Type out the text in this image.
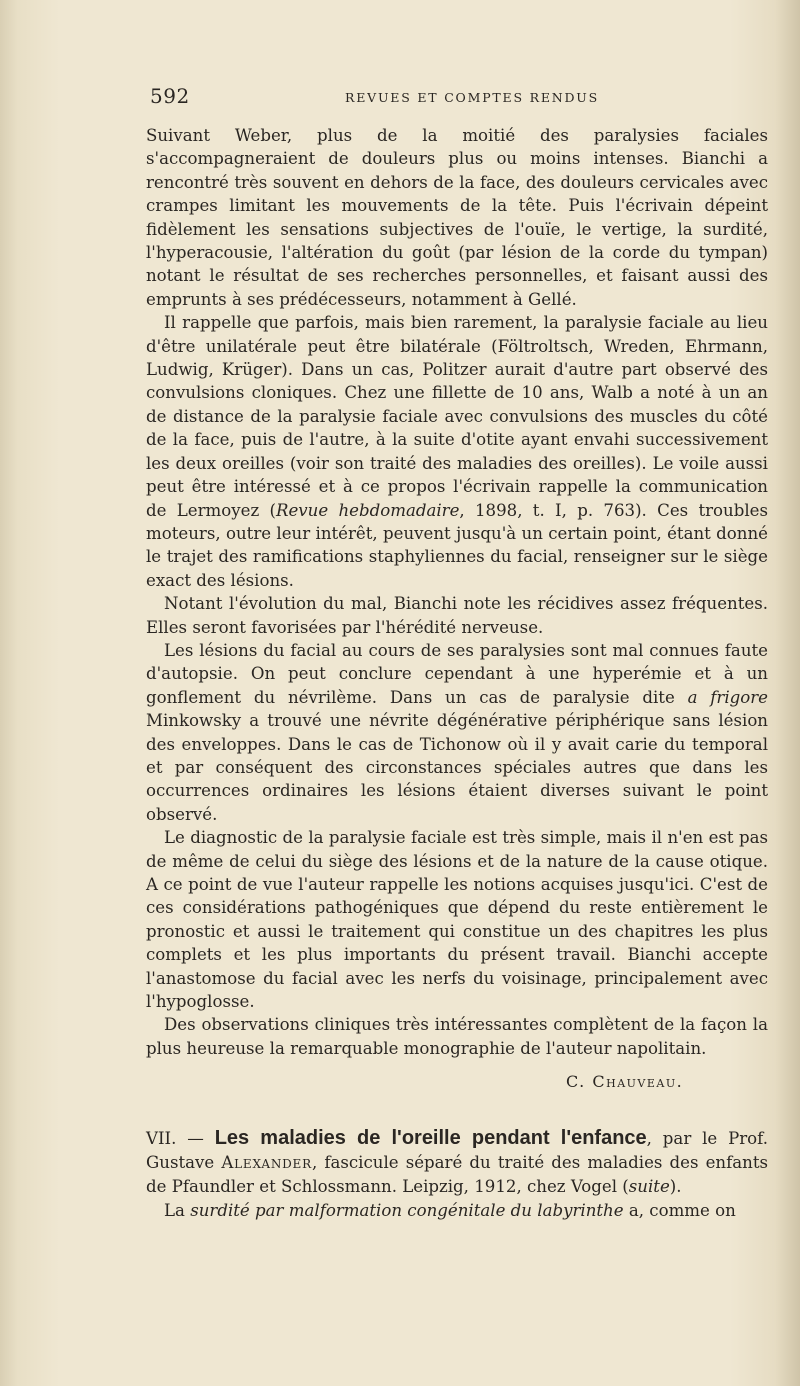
592	REVUES ET COMPTES RENDUS

Suivant Weber, plus de la moitié des paralysies faciales s'accompagneraient de douleurs plus ou moins intenses. Bianchi a rencontré très souvent en dehors de la face, des douleurs cervicales avec crampes limitant les mouvements de la tête. Puis l'écrivain dépeint fidèlement les sensations subjectives de l'ouïe, le vertige, la surdité, l'hyperacousie, l'altération du goût (par lésion de la corde du tympan) notant le résultat de ses recherches personnelles, et faisant aussi des emprunts à ses prédécesseurs, notamment à Gellé.

Il rappelle que parfois, mais bien rarement, la paralysie faciale au lieu d'être unilatérale peut être bilatérale (Föltroltsch, Wreden, Ehrmann, Ludwig, Krüger). Dans un cas, Politzer aurait d'autre part observé des convulsions cloniques. Chez une fillette de 10 ans, Walb a noté à un an de distance de la paralysie faciale avec convulsions des muscles du côté de la face, puis de l'autre, à la suite d'otite ayant envahi successivement les deux oreilles (voir son traité des maladies des oreilles). Le voile aussi peut être intéressé et à ce propos l'écrivain rappelle la communication de Lermoyez (Revue hebdomadaire, 1898, t. I, p. 763). Ces troubles moteurs, outre leur intérêt, peuvent jusqu'à un certain point, étant donné le trajet des ramifications staphyliennes du facial, renseigner sur le siège exact des lésions.

Notant l'évolution du mal, Bianchi note les récidives assez fréquentes. Elles seront favorisées par l'hérédité nerveuse.

Les lésions du facial au cours de ses paralysies sont mal connues faute d'autopsie. On peut conclure cependant à une hyperémie et à un gonflement du névrilème. Dans un cas de paralysie dite a frigore Minkowsky a trouvé une névrite dégénérative périphérique sans lésion des enveloppes. Dans le cas de Tichonow où il y avait carie du temporal et par conséquent des circonstances spéciales autres que dans les occurrences ordinaires les lésions étaient diverses suivant le point observé.

Le diagnostic de la paralysie faciale est très simple, mais il n'en est pas de même de celui du siège des lésions et de la nature de la cause otique. A ce point de vue l'auteur rappelle les notions acquises jusqu'ici. C'est de ces considérations pathogéniques que dépend du reste entièrement le pronostic et aussi le traitement qui constitue un des chapitres les plus complets et les plus importants du présent travail. Bianchi accepte l'anastomose du facial avec les nerfs du voisinage, principalement avec l'hypoglosse.

Des observations cliniques très intéressantes complètent de la façon la plus heureuse la remarquable monographie de l'auteur napolitain.

C. Chauveau.

VII. — Les maladies de l'oreille pendant l'enfance, par le Prof. Gustave Alexander, fascicule séparé du traité des maladies des enfants de Pfaundler et Schlossmann. Leipzig, 1912, chez Vogel (suite).

La surdité par malformation congénitale du labyrinthe a, comme on
